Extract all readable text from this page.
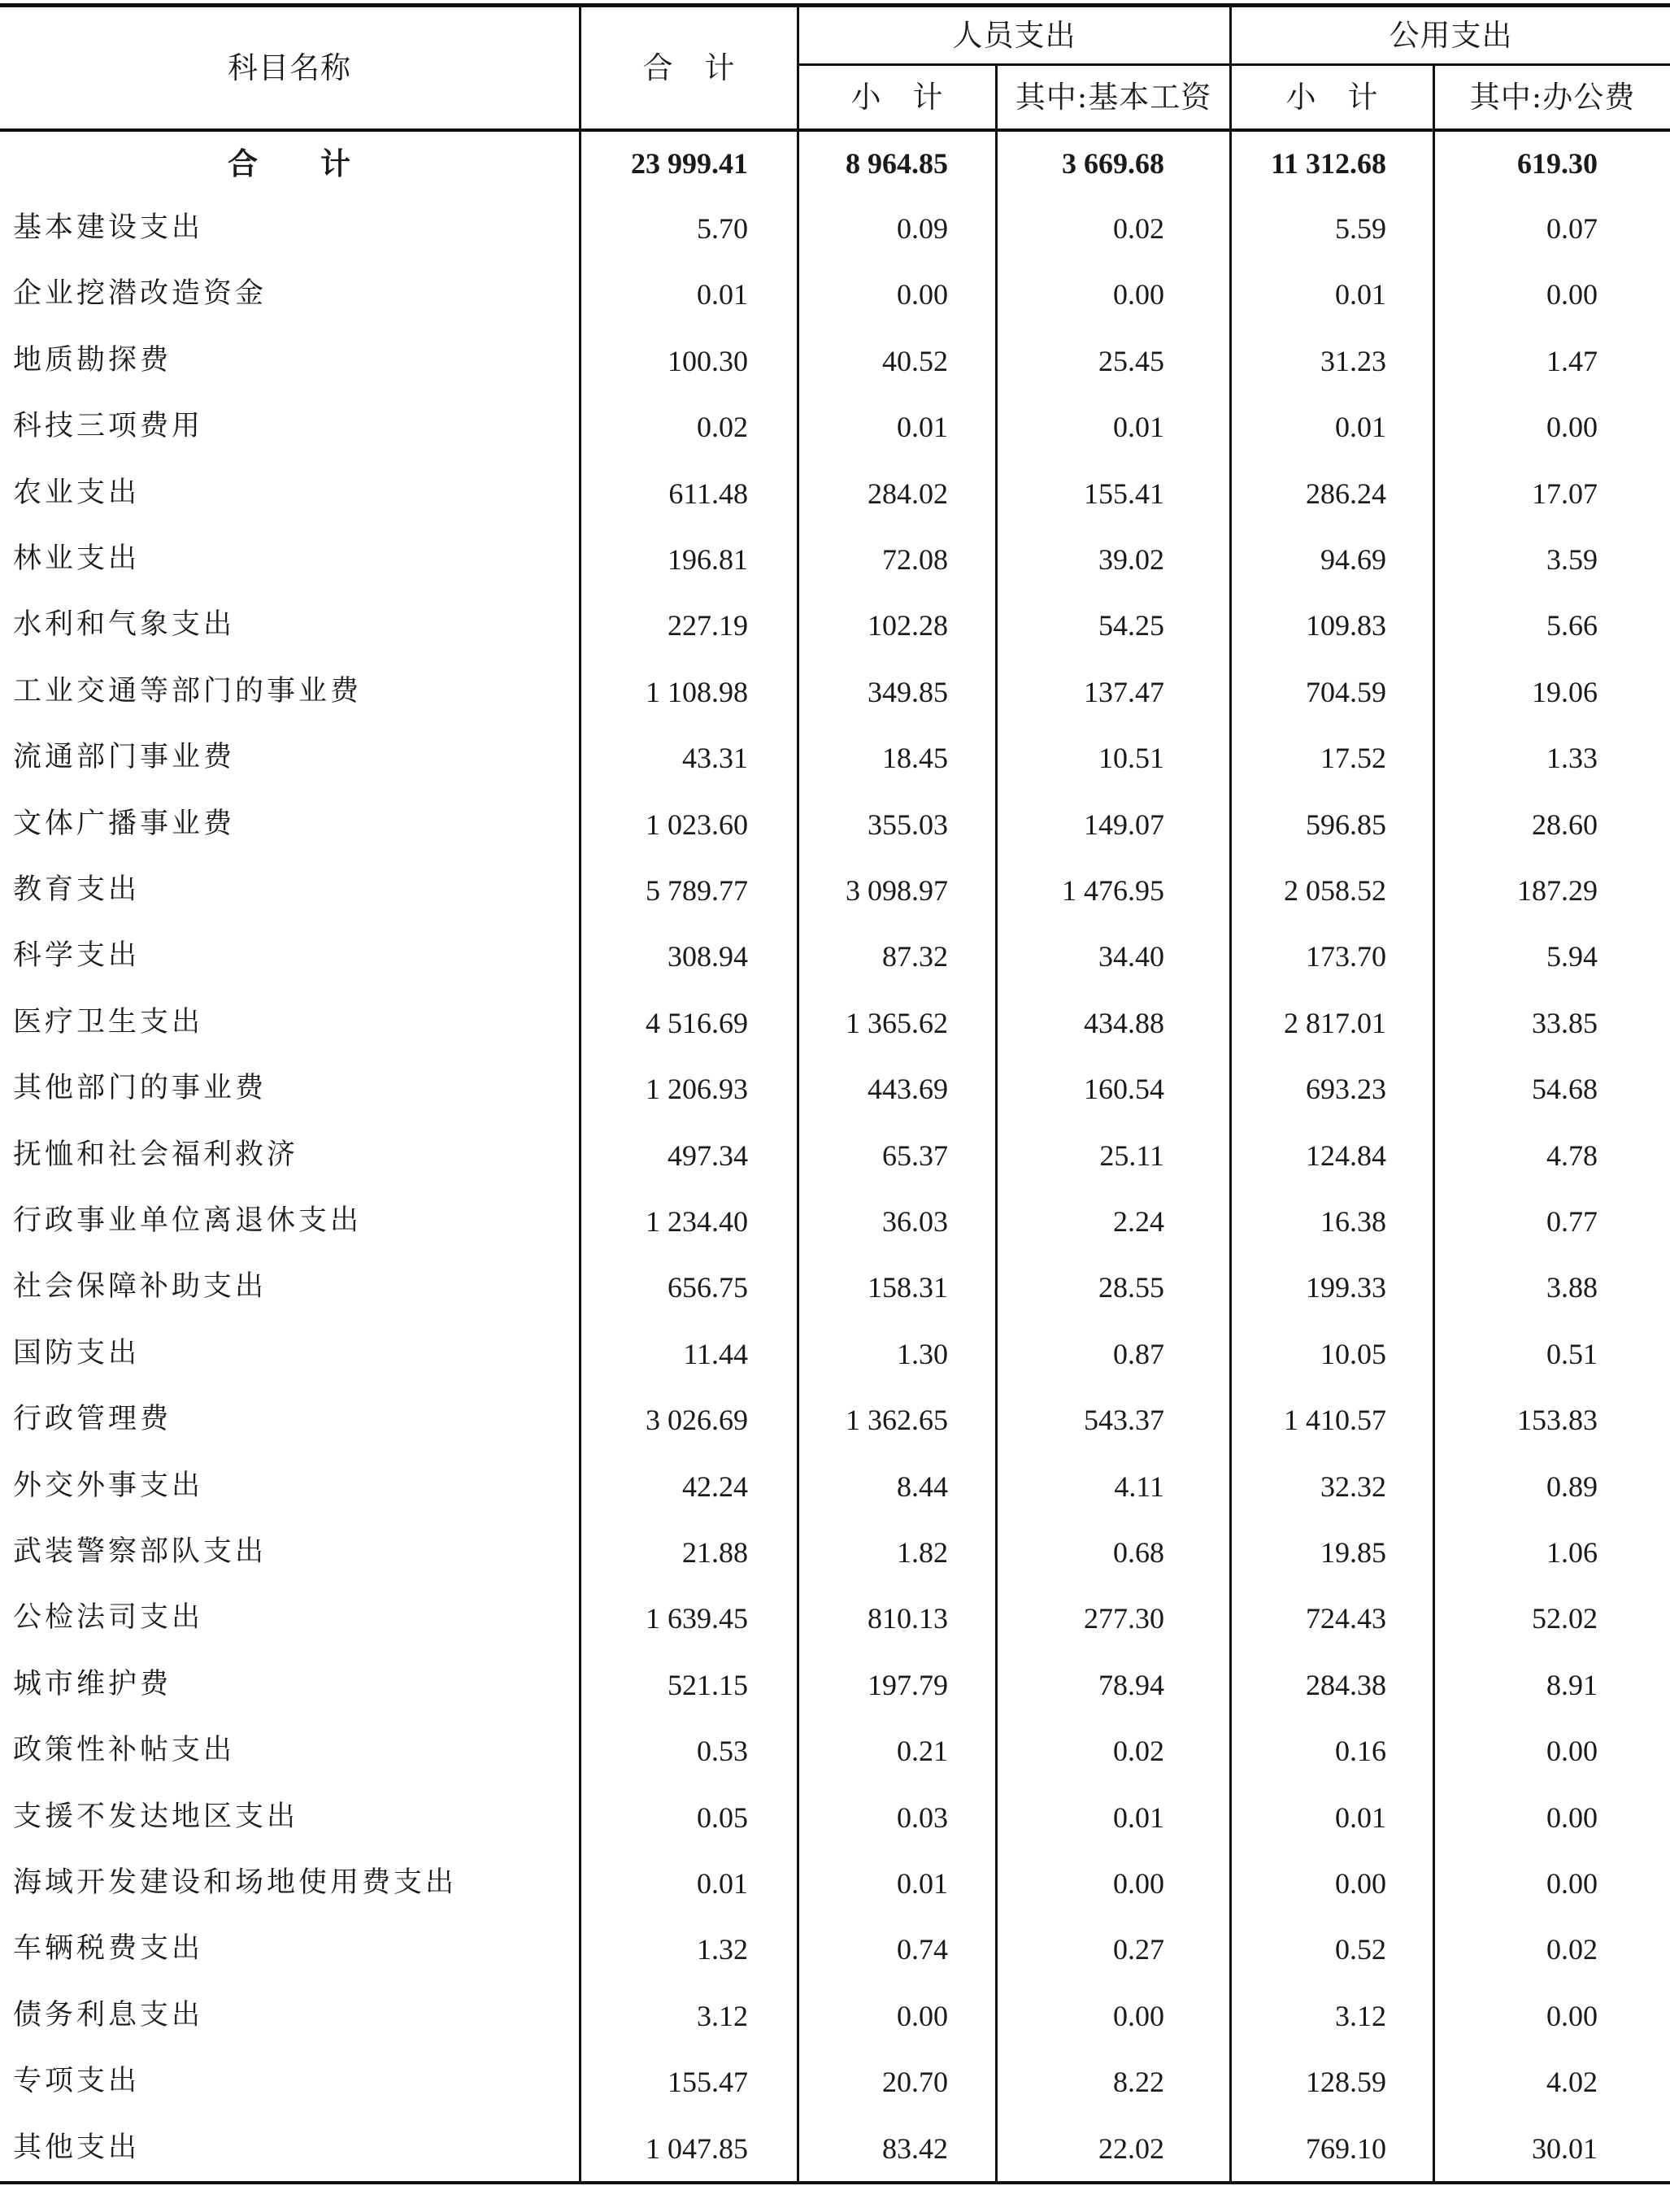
科目名称	合　计
人员支出	公用支出
小　计	其中:基本工资	小　计	其中:办公费
合　　计	23 999.41	8 964.85	3 669.68	11 312.68	619.30
基本建设支出	5.70	0.09	0.02	5.59	0.07
企业挖潜改造资金	0.01	0.00	0.00	0.01	0.00
地质勘探费	100.30	40.52	25.45	31.23	1.47
科技三项费用	0.02	0.01	0.01	0.01	0.00
农业支出	611.48	284.02	155.41	286.24	17.07
林业支出	196.81	72.08	39.02	94.69	3.59
水利和气象支出	227.19	102.28	54.25	109.83	5.66
工业交通等部门的事业费	1 108.98	349.85	137.47	704.59	19.06
流通部门事业费	43.31	18.45	10.51	17.52	1.33
文体广播事业费	1 023.60	355.03	149.07	596.85	28.60
教育支出	5 789.77	3 098.97	1 476.95	2 058.52	187.29
科学支出	308.94	87.32	34.40	173.70	5.94
医疗卫生支出	4 516.69	1 365.62	434.88	2 817.01	33.85
其他部门的事业费	1 206.93	443.69	160.54	693.23	54.68
抚恤和社会福利救济	497.34	65.37	25.11	124.84	4.78
行政事业单位离退休支出	1 234.40	36.03	2.24	16.38	0.77
社会保障补助支出	656.75	158.31	28.55	199.33	3.88
国防支出	11.44	1.30	0.87	10.05	0.51
行政管理费	3 026.69	1 362.65	543.37	1 410.57	153.83
外交外事支出	42.24	8.44	4.11	32.32	0.89
武装警察部队支出	21.88	1.82	0.68	19.85	1.06
公检法司支出	1 639.45	810.13	277.30	724.43	52.02
城市维护费	521.15	197.79	78.94	284.38	8.91
政策性补帖支出	0.53	0.21	0.02	0.16	0.00
支援不发达地区支出	0.05	0.03	0.01	0.01	0.00
海域开发建设和场地使用费支出	0.01	0.01	0.00	0.00	0.00
车辆税费支出	1.32	0.74	0.27	0.52	0.02
债务利息支出	3.12	0.00	0.00	3.12	0.00
专项支出	155.47	20.70	8.22	128.59	4.02
其他支出	1 047.85	83.42	22.02	769.10	30.01
